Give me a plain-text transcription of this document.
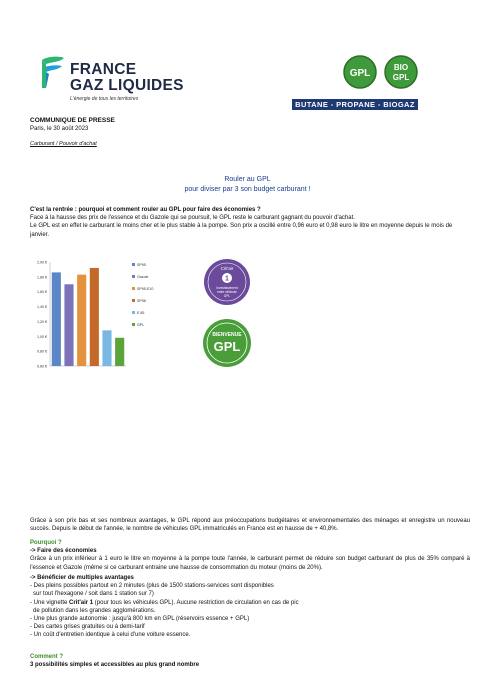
FRANCE
GAZ LIQUIDES
L'énergie de tous les territoires
GPL
BIO
GPL
BUTANE - PROPANE - BIOGAZ
COMMUNIQUE DE PRESSE
Paris, le 30 août 2023
Carburant / Pouvoir d'achat
Rouler au GPL
pour diviser par 3 son budget carburant !
C'est la rentrée : pourquoi et comment rouler au GPL pour faire des économies ?
Face à la hausse des prix de l'essence et du Gazole qui se poursuit, le GPL reste le carburant gagnant du pouvoir d'achat.
Le GPL est en effet le carburant le moins cher et le plus stable à la pompe. Son prix a oscillé entre 0,96 euro et 0,98 euro le litre en moyenne depuis le mois de janvier.
0,60 €
0,80 €
1,00 €
1,20 €
1,40 €
1,60 €
1,80 €
2,00 €
SP95
Gazole
SP95-E10
SP98
E 85
GPL
Crit'air
1
Investissement
entre véhicule
GPL
BIENVENUE
GPL
Grâce à son prix bas et ses nombreux avantages, le GPL répond aux préoccupations budgétaires et environnementales des ménages et enregistre un nouveau succès. Depuis le début de l'année, le nombre de véhicules GPL immatriculés en France est en hausse de + 40,8%.
Pourquoi ?
-> Faire des économies
Grâce à un prix inférieur à 1 euro le litre en moyenne à la pompe toute l'année, le carburant permet de réduire son budget carburant de plus de 35% comparé à l'essence et Gazole (même si ce carburant entraine une hausse de consommation du moteur (moins de 20%).
-> Bénéficier de multiples avantages
- Des pleins possibles partout en 2 minutes (plus de 1500 stations-services sont disponibles
sur tout l'hexagone / soit dans 1 station sur 7)
- Une vignette Crit'air 1 (pour tous les véhicules GPL). Aucune restriction de circulation en cas de pic
de pollution dans les grandes agglomérations.
- Une plus grande autonomie : jusqu'à 800 km en GPL (réservoirs essence + GPL)
- Des cartes grises gratuites ou à demi-tarif
- Un coût d'entretien identique à celui d'une voiture essence.
Comment ?
3 possibilités simples et accessibles au plus grand nombre
